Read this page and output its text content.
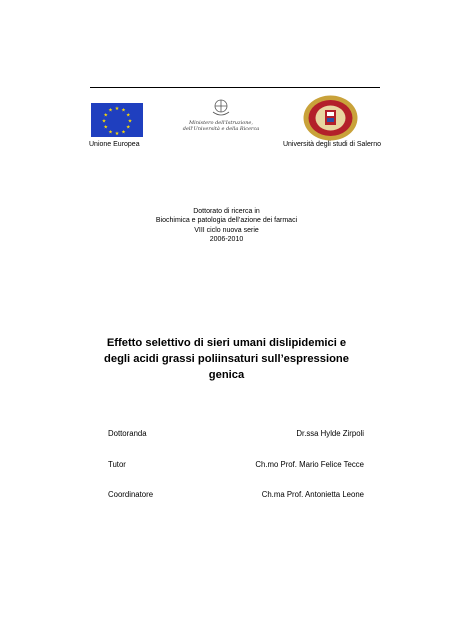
★ ★
★
★
★
★
★
★
★
★
★
★
Ministero dell'Istruzione,
dell'Università e della Ricerca
Unione Europea	Università degli studi di Salerno
Dottorato di ricerca in
Biochimica e patologia dell’azione dei farmaci
VIII ciclo nuova serie
2006-2010
Effetto selettivo di sieri umani dislipidemici e
degli acidi grassi poliinsaturi sull’espressione
genica
Dottoranda	Dr.ssa Hylde Zirpoli
Tutor	Ch.mo Prof. Mario Felice Tecce
Coordinatore	Ch.ma Prof. Antonietta Leone
